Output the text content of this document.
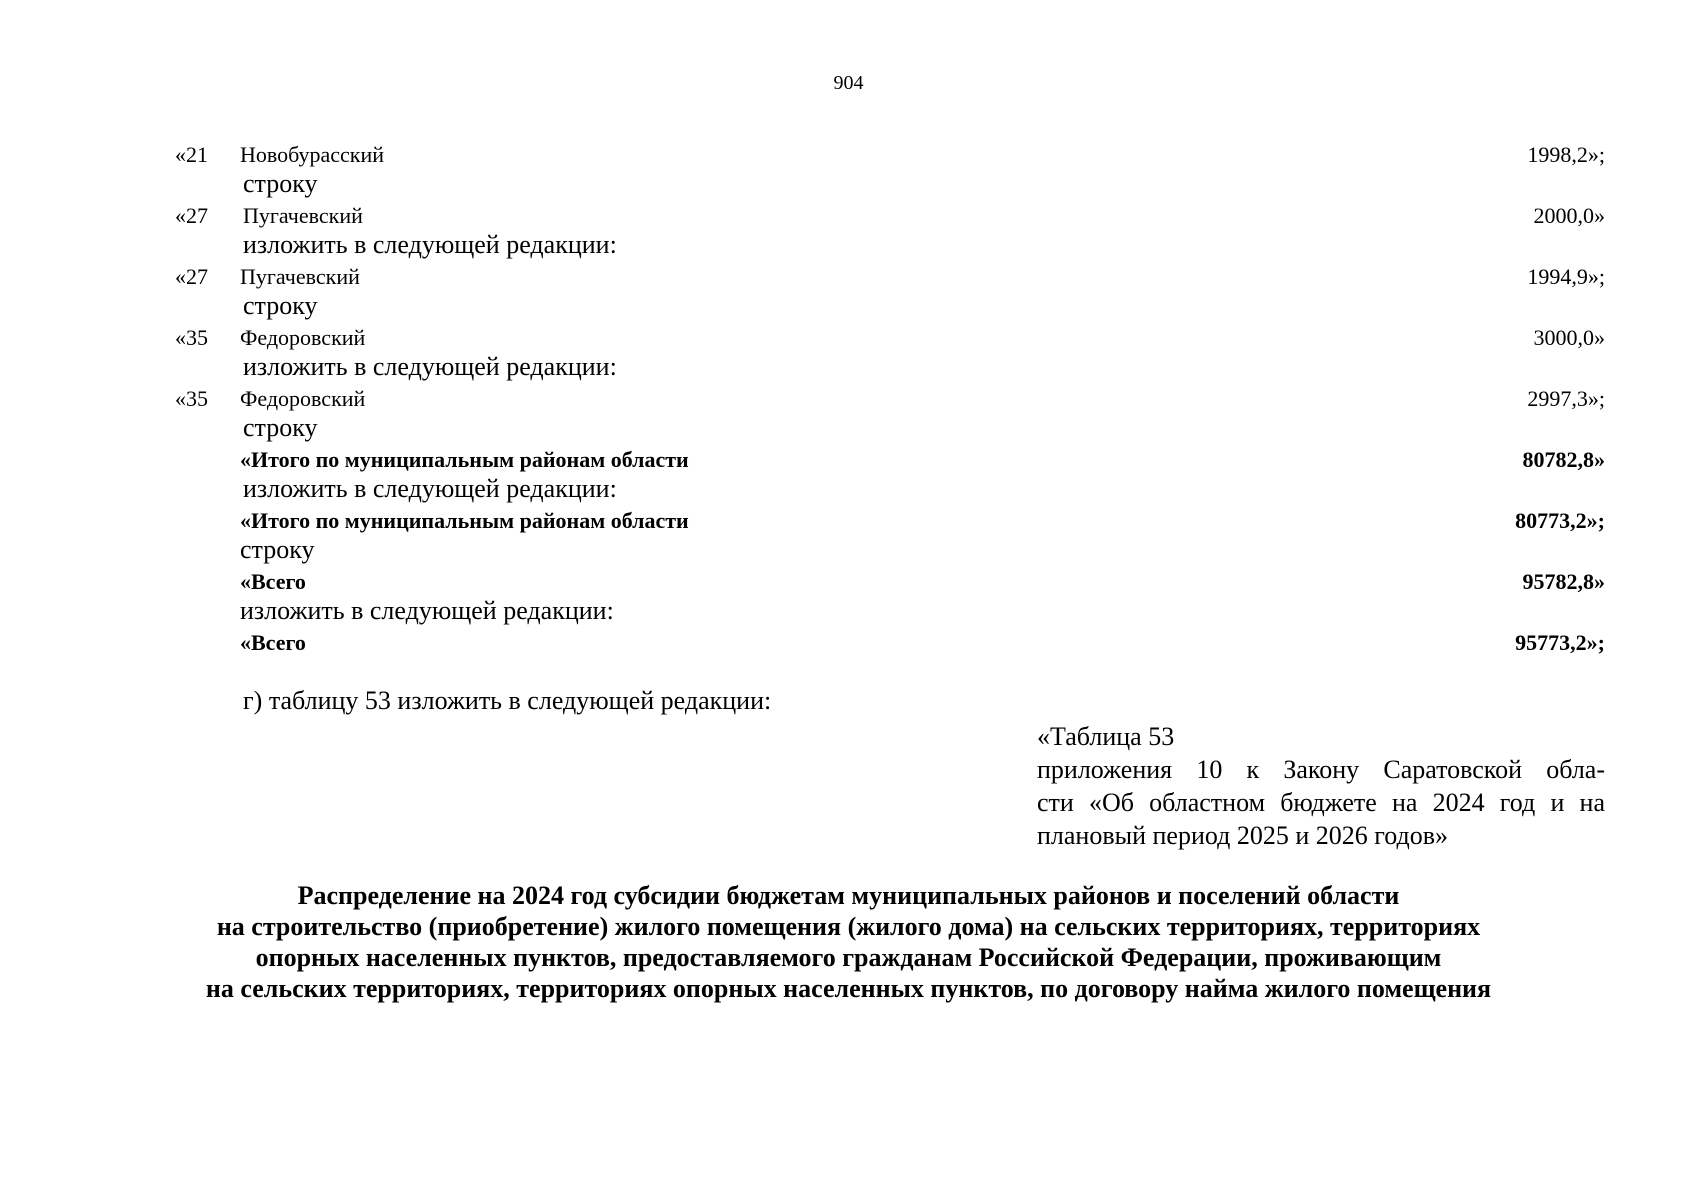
904
«21 Новобурасский	1998,2»;
строку
«27 Пугачевский	2000,0»
изложить в следующей редакции:
«27 Пугачевский	1994,9»;
строку
«35 Федоровский	3000,0»
изложить в следующей редакции:
«35 Федоровский	2997,3»;
строку
«Итого по муниципальным районам области	80782,8»
изложить в следующей редакции:
«Итого по муниципальным районам области	80773,2»;
строку
«Всего	95782,8»
изложить в следующей редакции:
«Всего	95773,2»;
г) таблицу 53 изложить в следующей редакции:
«Таблица 53
приложения 10 к Закону Саратовской обла-
сти «Об областном бюджете на 2024 год и на
плановый период 2025 и 2026 годов»
Распределение на 2024 год субсидии бюджетам муниципальных районов и поселений области
на строительство (приобретение) жилого помещения (жилого дома) на сельских территориях, территориях
опорных населенных пунктов, предоставляемого гражданам Российской Федерации, проживающим
на сельских территориях, территориях опорных населенных пунктов, по договору найма жилого помещения
